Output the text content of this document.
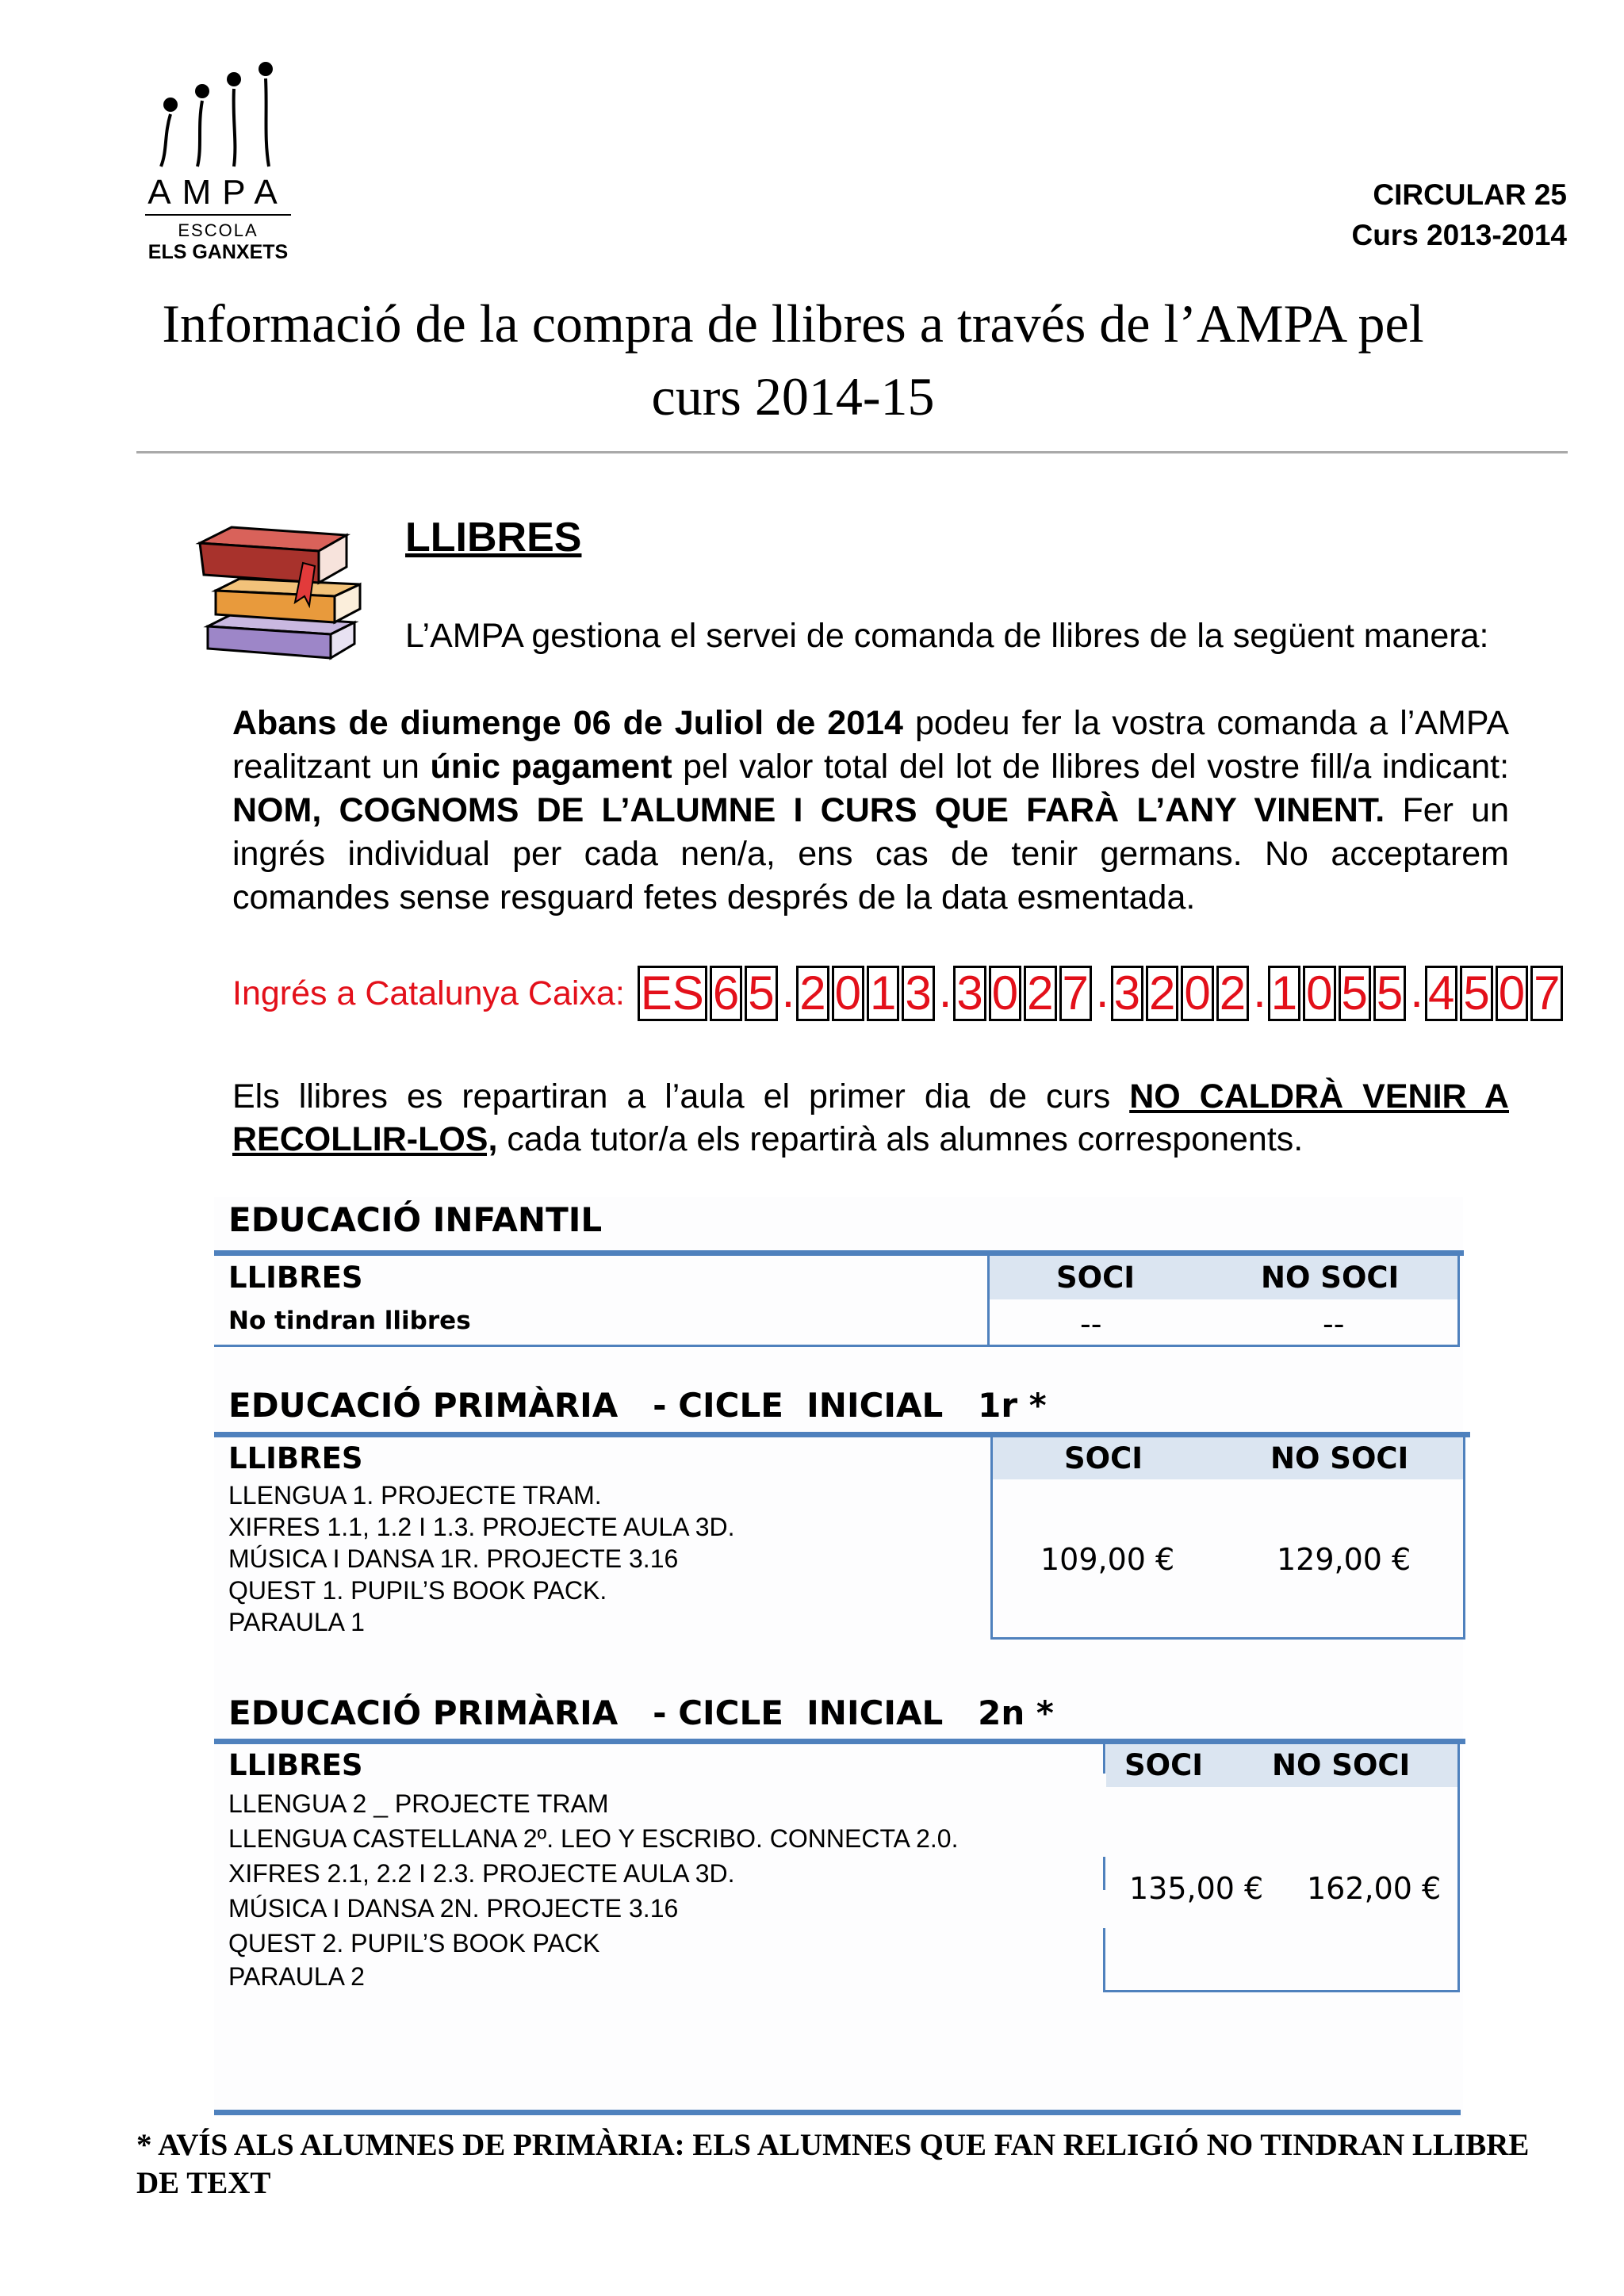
AMPA
ESCOLA
ELS GANXETS
CIRCULAR 25
Curs 2013-2014
Informació de la compra de llibres a través de l’AMPA pel
curs 2014-15
LLIBRES
L’AMPA gestiona el servei de comanda de llibres de la següent manera:
Abans de diumenge 06 de Juliol de 2014 podeu fer la vostra comanda a l’AMPA realitzant un únic pagament pel valor total del lot de llibres del vostre fill/a indicant: NOM, COGNOMS DE L’ALUMNE I CURS QUE FARÀ L’ANY VINENT. Fer un ingrés individual per cada nen/a, ens cas de tenir germans. No acceptarem comandes sense resguard fetes després de la data esmentada.
Ingrés a Catalunya Caixa: ES 6 5 . 2 0 1 3 . 3 0 2 7 . 3 2 0 2 . 1 0 5 5 . 4 5 0 7
Els llibres es repartiran a l’aula el primer dia de curs NO CALDRÀ VENIR A RECOLLIR-LOS, cada tutor/a els repartirà als alumnes corresponents.
EDUCACIÓ INFANTIL
LLIBRES	SOCI	NO SOCI
No tindran llibres	--	--
EDUCACIÓ PRIMÀRIA   - CICLE  INICIAL   1r *
LLIBRES	SOCI	NO SOCI
LLENGUA 1. PROJECTE TRAM.
XIFRES 1.1, 1.2 I 1.3. PROJECTE AULA 3D.
MÚSICA I DANSA 1R. PROJECTE 3.16
QUEST 1. PUPIL’S BOOK PACK.
PARAULA 1
109,00 €	129,00 €
EDUCACIÓ PRIMÀRIA   - CICLE  INICIAL   2n *
LLIBRES	SOCI NO SOCI
LLENGUA 2 _ PROJECTE TRAM
LLENGUA CASTELLANA 2º. LEO Y ESCRIBO. CONNECTA 2.0.
XIFRES 2.1, 2.2 I 2.3. PROJECTE AULA 3D.
MÚSICA I DANSA 2N. PROJECTE 3.16
QUEST 2. PUPIL’S BOOK PACK
PARAULA 2
135,00 € 162,00 €
* AVÍS ALS ALUMNES DE PRIMÀRIA: ELS ALUMNES QUE FAN RELIGIÓ NO TINDRAN LLIBRE DE TEXT
